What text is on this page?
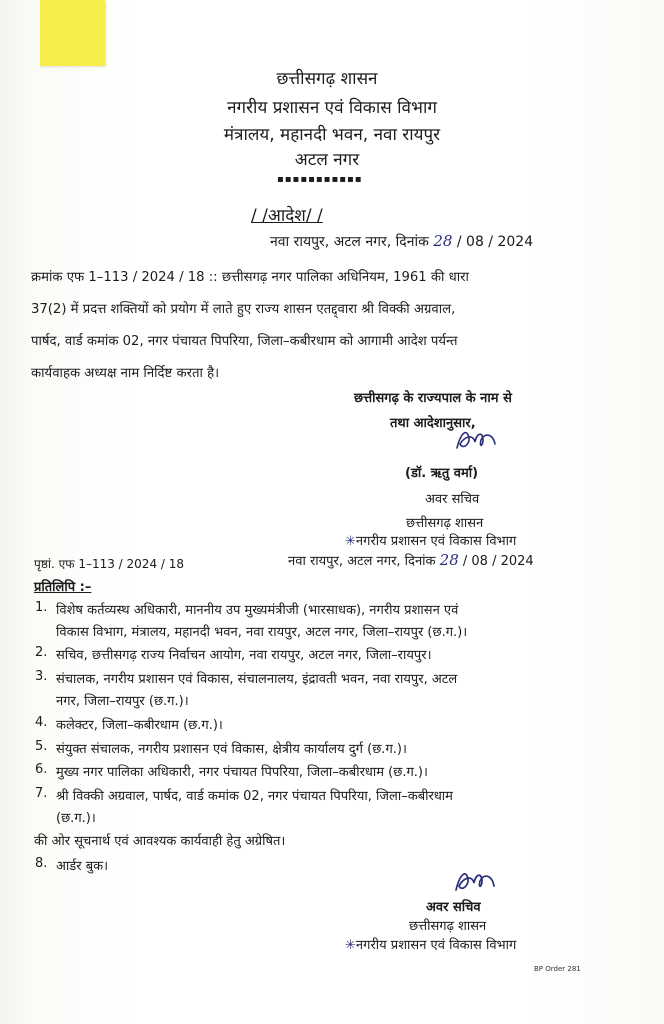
छत्तीसगढ़ शासन
नगरीय प्रशासन एवं विकास विभाग
मंत्रालय, महानदी भवन, नवा रायपुर
अटल नगर
▪▪▪▪▪▪▪▪▪▪▪
/ /आदेश/ /
नवा रायपुर, अटल नगर, दिनांक 28 / 08 / 2024
क्रमांक एफ 1–113 / 2024 / 18 :: छत्तीसगढ़ नगर पालिका अधिनियम, 1961 की धारा
37(2) में प्रदत्त शक्तियों को प्रयोग में लाते हुए राज्य शासन एतद्द्वारा श्री विक्की अग्रवाल,
पार्षद, वार्ड कमांक 02, नगर पंचायत पिपरिया, जिला–कबीरधाम को आगामी आदेश पर्यन्त
कार्यवाहक अध्यक्ष नाम निर्दिष्ट करता है।
छत्तीसगढ़ के राज्यपाल के नाम से
तथा आदेशानुसार,
(डॉ. ऋतु वर्मा)
अवर सचिव
छत्तीसगढ़ शासन
✳नगरीय प्रशासन एवं विकास विभाग
पृष्ठां. एफ 1–113 / 2024 / 18	नवा रायपुर, अटल नगर, दिनांक 28 / 08 / 2024
प्रतिलिपि :–
1. विशेष कर्तव्यस्थ अधिकारी, माननीय उप मुख्यमंत्रीजी (भारसाधक), नगरीय प्रशासन एवं
विकास विभाग, मंत्रालय, महानदी भवन, नवा रायपुर, अटल नगर, जिला–रायपुर (छ.ग.)।
2. सचिव, छत्तीसगढ़ राज्य निर्वाचन आयोग, नवा रायपुर, अटल नगर, जिला–रायपुर।
3. संचालक, नगरीय प्रशासन एवं विकास, संचालनालय, इंद्रावती भवन, नवा रायपुर, अटल
नगर, जिला–रायपुर (छ.ग.)।
4. कलेक्टर, जिला–कबीरधाम (छ.ग.)।
5. संयुक्त संचालक, नगरीय प्रशासन एवं विकास, क्षेत्रीय कार्यालय दुर्ग (छ.ग.)।
6. मुख्य नगर पालिका अधिकारी, नगर पंचायत पिपरिया, जिला–कबीरधाम (छ.ग.)।
7. श्री विक्की अग्रवाल, पार्षद, वार्ड कमांक 02, नगर पंचायत पिपरिया, जिला–कबीरधाम
(छ.ग.)।
की ओर सूचनार्थ एवं आवश्यक कार्यवाही हेतु अग्रेषित।
8. आर्डर बुक।
अवर सचिव
छत्तीसगढ़ शासन
✳नगरीय प्रशासन एवं विकास विभाग
BP Order 281
